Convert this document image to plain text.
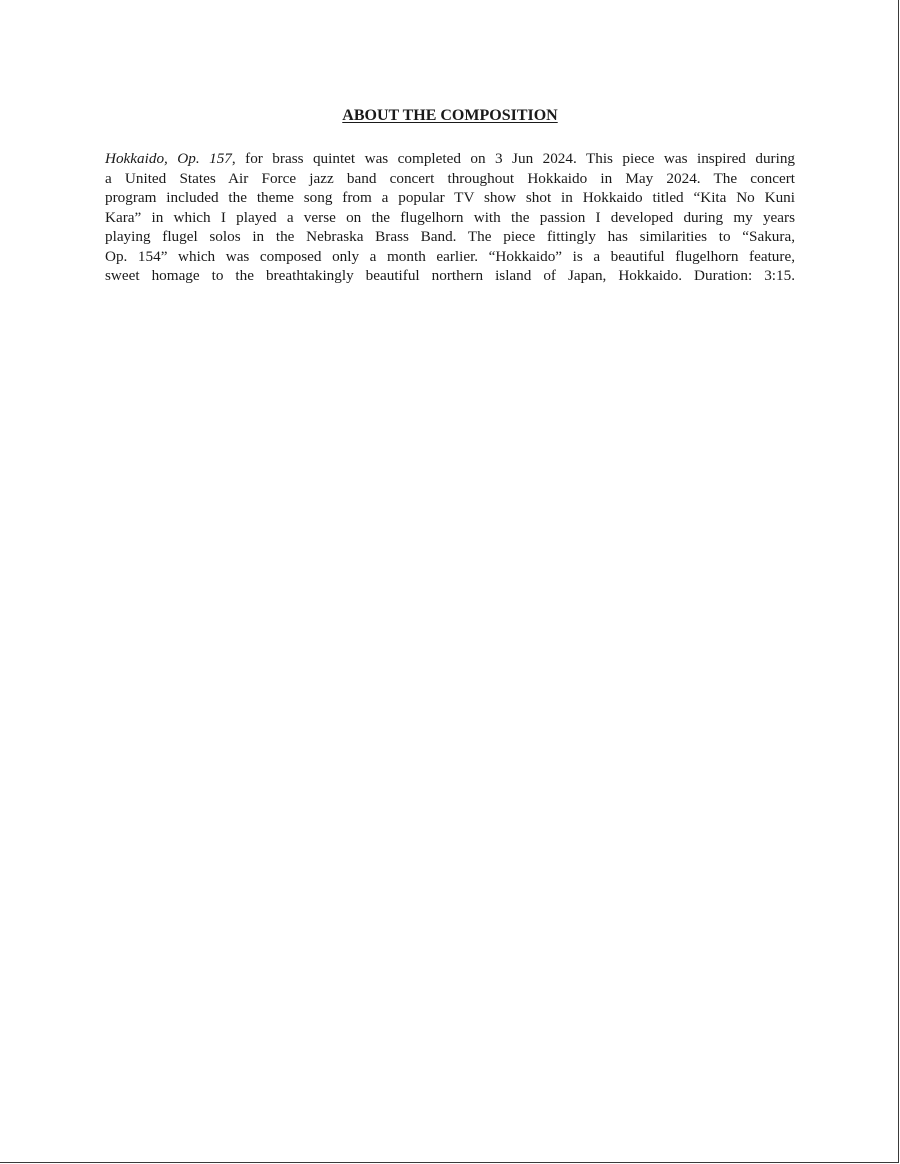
ABOUT THE COMPOSITION
Hokkaido, Op. 157, for brass quintet was completed on 3 Jun 2024. This piece was inspired during
a United States Air Force jazz band concert throughout Hokkaido in May 2024. The concert
program included the theme song from a popular TV show shot in Hokkaido titled “Kita No Kuni
Kara” in which I played a verse on the flugelhorn with the passion I developed during my years
playing flugel solos in the Nebraska Brass Band. The piece fittingly has similarities to “Sakura,
Op. 154” which was composed only a month earlier. “Hokkaido” is a beautiful flugelhorn feature,
sweet homage to the breathtakingly beautiful northern island of Japan, Hokkaido. Duration: 3:15.
